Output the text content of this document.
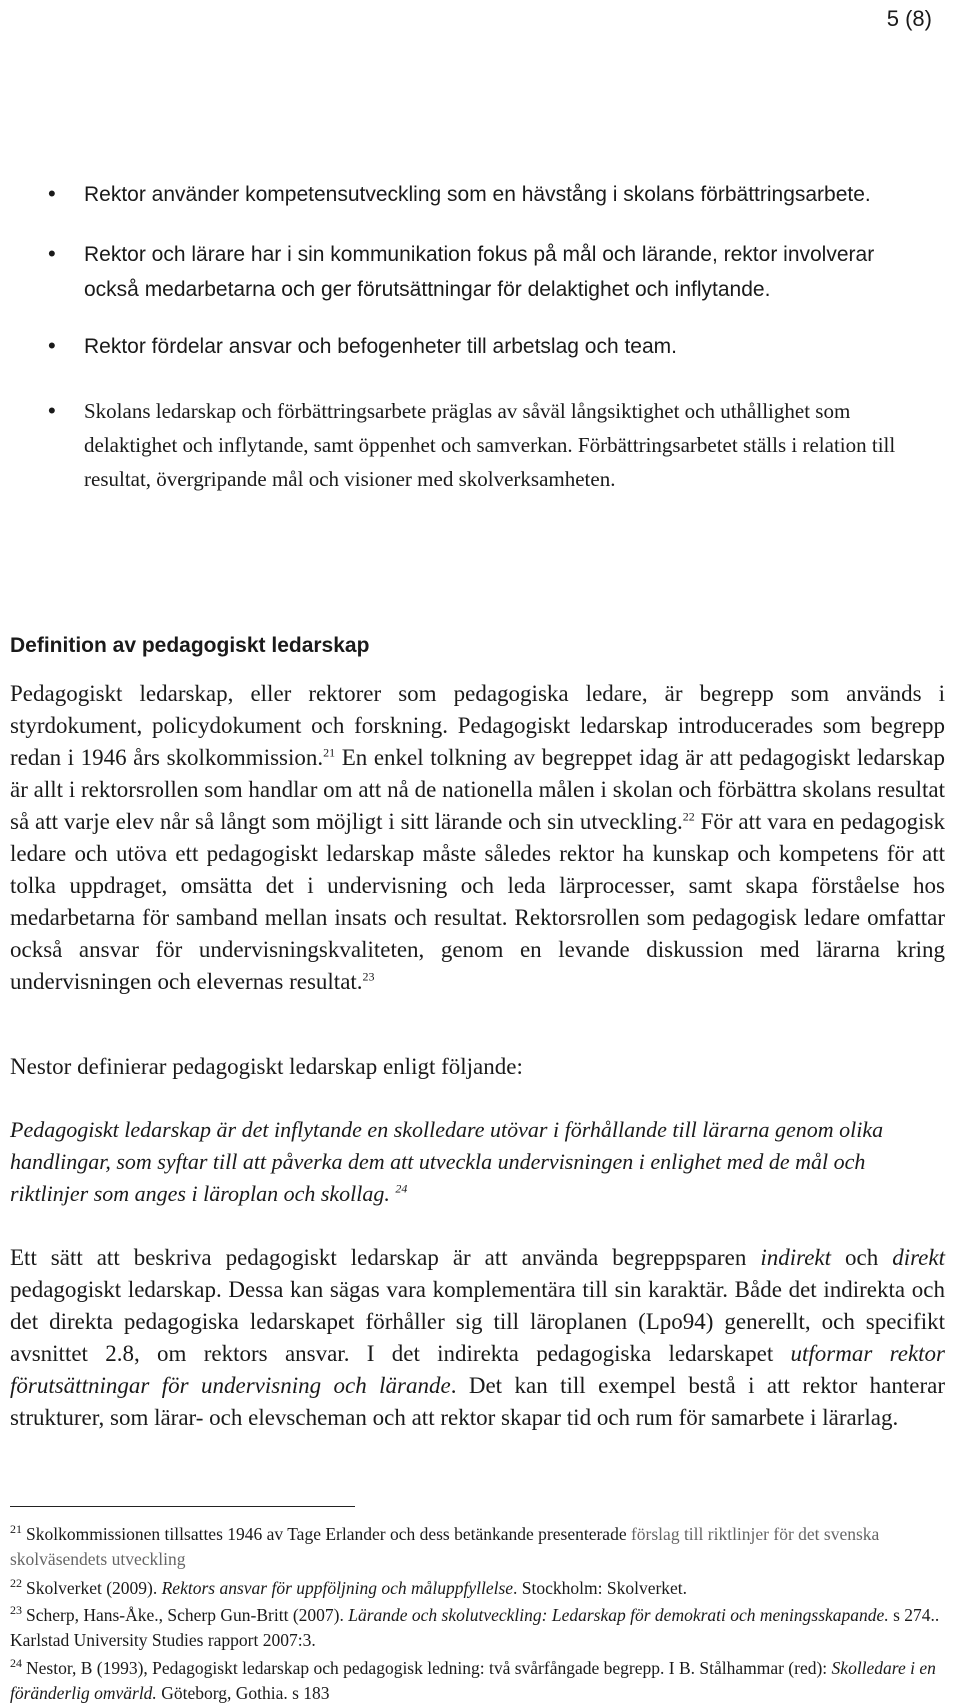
5 (8)
• Rektor använder kompetensutveckling som en hävstång i skolans förbättringsarbete.
• Rektor och lärare har i sin kommunikation fokus på mål och lärande, rektor involverar också medarbetarna och ger förutsättningar för delaktighet och inflytande.
• Rektor fördelar ansvar och befogenheter till arbetslag och team.
• Skolans ledarskap och förbättringsarbete präglas av såväl långsiktighet och uthållighet som delaktighet och inflytande, samt öppenhet och samverkan. Förbättringsarbetet ställs i relation till resultat, övergripande mål och visioner med skolverksamheten.
Definition av pedagogiskt ledarskap
Pedagogiskt ledarskap, eller rektorer som pedagogiska ledare, är begrepp som används i styrdokument, policydokument och forskning. Pedagogiskt ledarskap introducerades som begrepp redan i 1946 års skolkommission.$^{21}$ En enkel tolkning av begreppet idag är att pedagogiskt ledarskap är allt i rektorsrollen som handlar om att nå de nationella målen i skolan och förbättra skolans resultat så att varje elev når så långt som möjligt i sitt lärande och sin utveckling.$^{22}$ För att vara en pedagogisk ledare och utöva ett pedagogiskt ledarskap måste således rektor ha kunskap och kompetens för att tolka uppdraget, omsätta det i undervisning och leda lärprocesser, samt skapa förståelse hos medarbetarna för samband mellan insats och resultat. Rektorsrollen som pedagogisk ledare omfattar också ansvar för undervisningskvaliteten, genom en levande diskussion med lärarna kring undervisningen och elevernas resultat.$^{23}$
Nestor definierar pedagogiskt ledarskap enligt följande:
Pedagogiskt ledarskap är det inflytande en skolledare utövar i förhållande till lärarna genom olika handlingar, som syftar till att påverka dem att utveckla undervisningen i enlighet med de mål och riktlinjer som anges i läroplan och skollag. $^{24}$
Ett sätt att beskriva pedagogiskt ledarskap är att använda begreppsparen indirekt och direkt pedagogiskt ledarskap. Dessa kan sägas vara komplementära till sin karaktär. Både det indirekta och det direkta pedagogiska ledarskapet förhåller sig till läroplanen (Lpo94) generellt, och specifikt avsnittet 2.8, om rektors ansvar. I det indirekta pedagogiska ledarskapet utformar rektor förutsättningar för undervisning och lärande. Det kan till exempel bestå i att rektor hanterar strukturer, som lärar- och elevscheman och att rektor skapar tid och rum för samarbete i lärarlag.
$^{21}$ Skolkommissionen tillsattes 1946 av Tage Erlander och dess betänkande presenterade förslag till riktlinjer för det svenska skolväsendets utveckling
$^{22}$ Skolverket (2009). Rektors ansvar för uppföljning och måluppfyllelse. Stockholm: Skolverket.
$^{23}$ Scherp, Hans-Åke., Scherp Gun-Britt (2007). Lärande och skolutveckling: Ledarskap för demokrati och meningsskapande. s 274.. Karlstad University Studies rapport 2007:3.
$^{24}$ Nestor, B (1993), Pedagogiskt ledarskap och pedagogisk ledning: två svårfångade begrepp. I B. Stålhammar (red): Skolledare i en föränderlig omvärld. Göteborg, Gothia. s 183
